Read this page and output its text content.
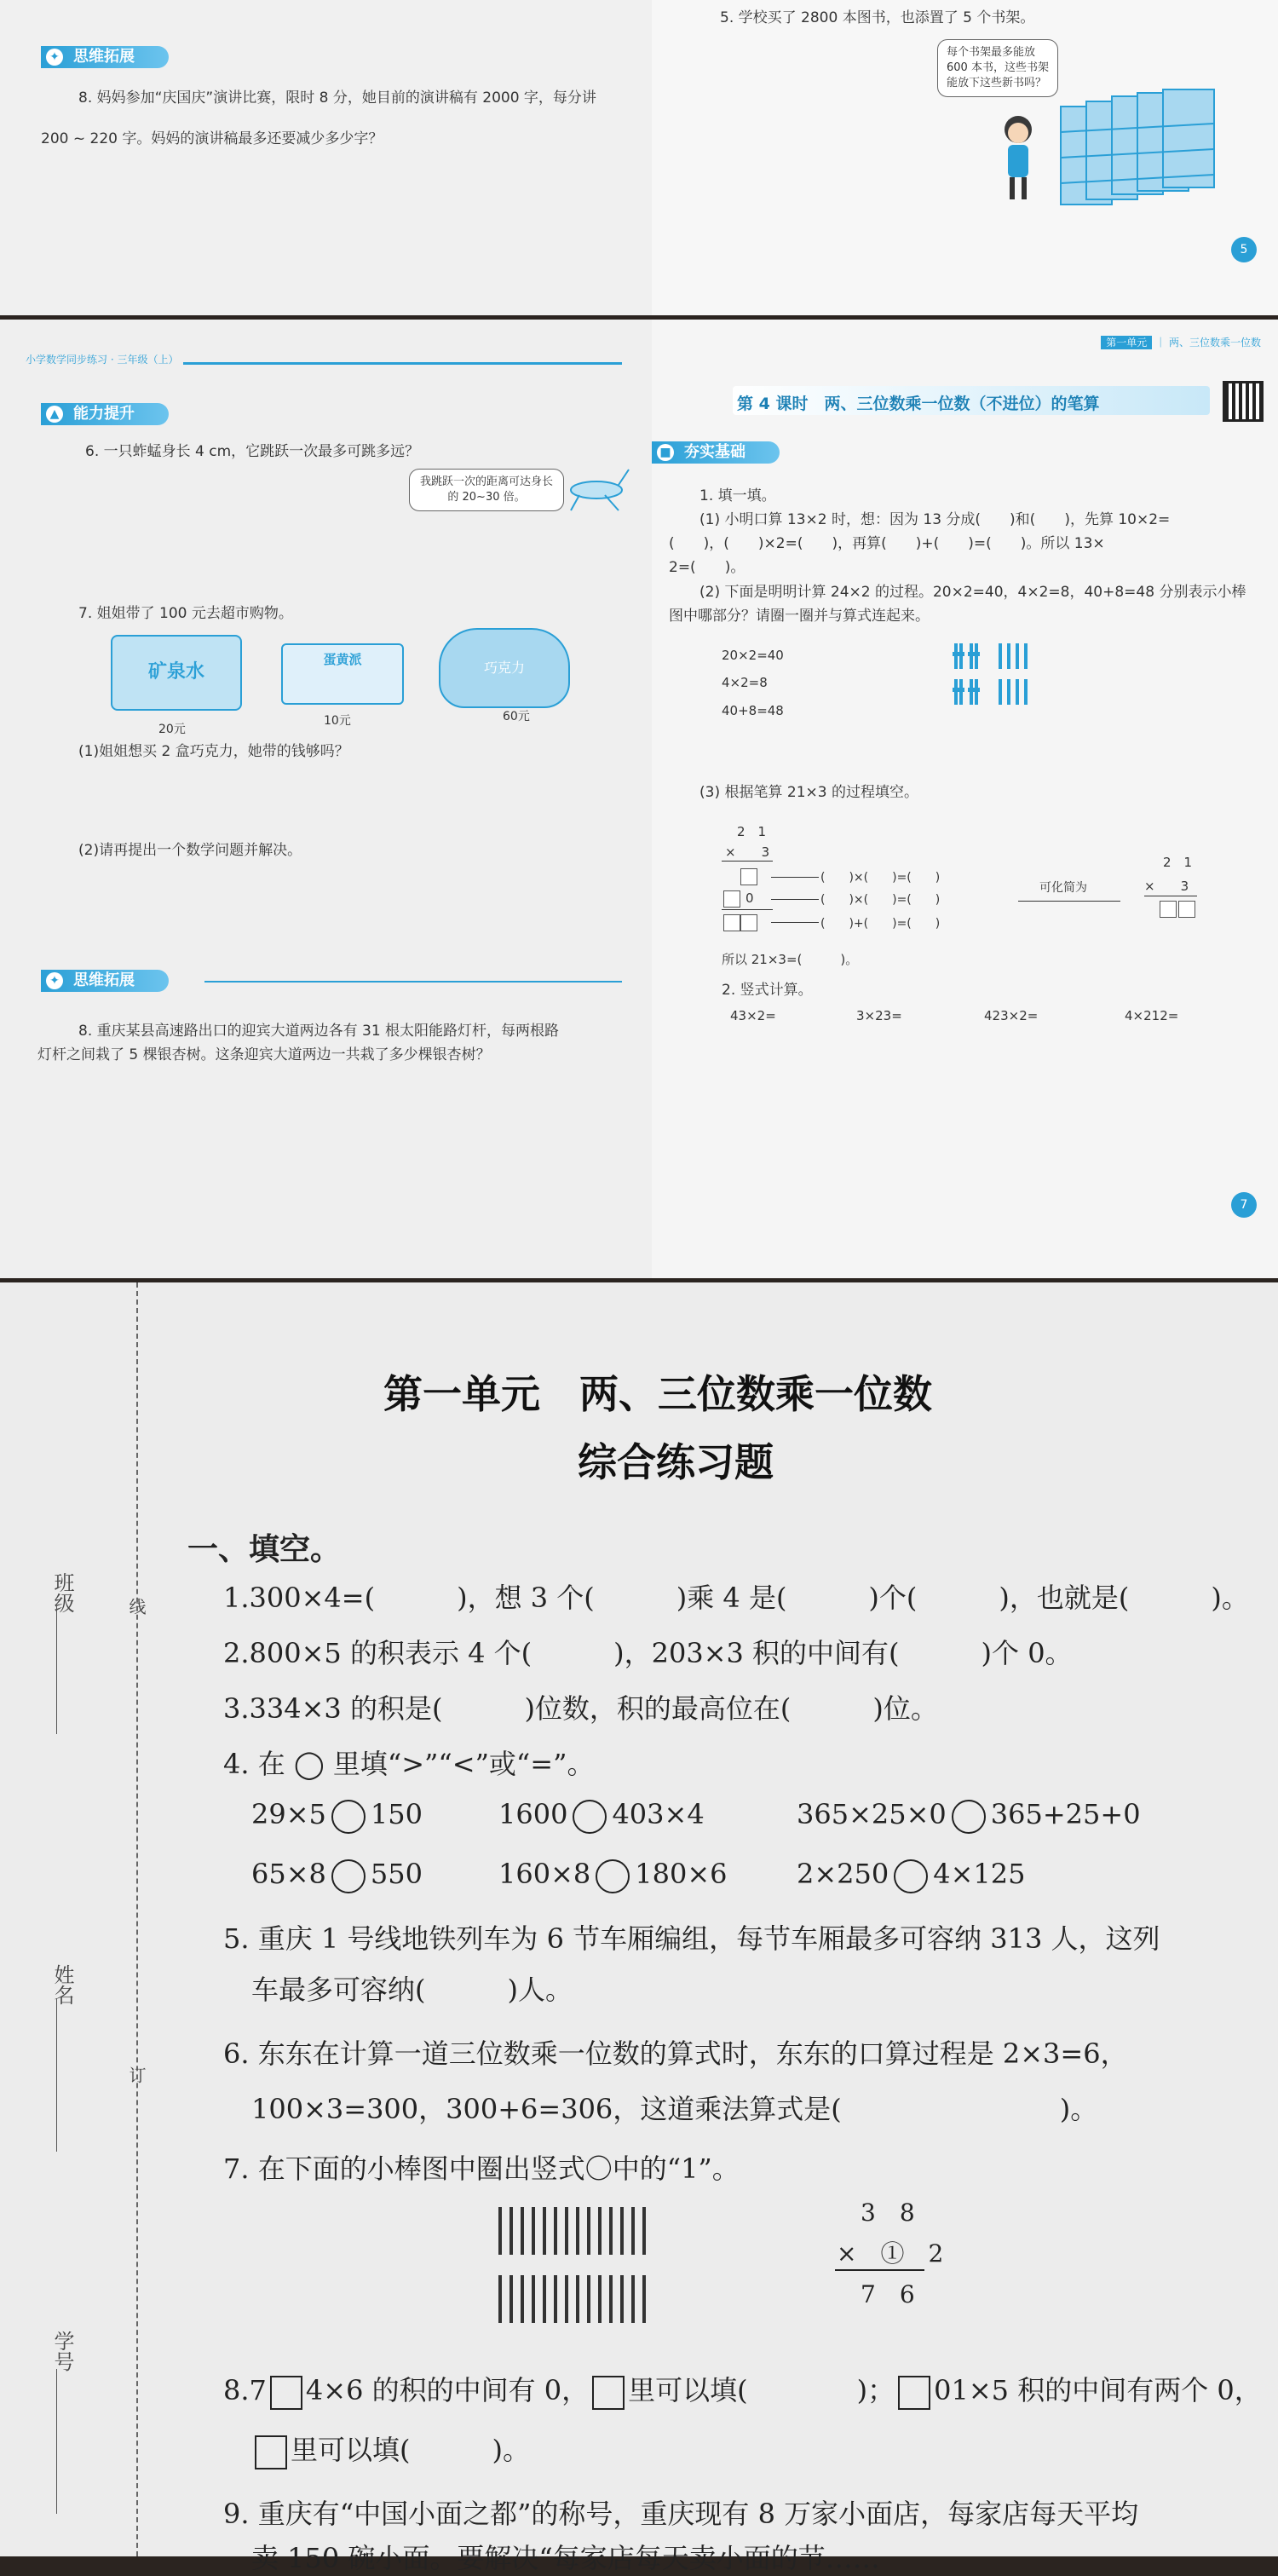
✦ 思维拓展
8. 妈妈参加“庆国庆”演讲比赛，限时 8 分，她目前的演讲稿有 2000 字，每分讲
200 ~ 220 字。妈妈的演讲稿最多还要减少多少字？
5. 学校买了 2800 本图书，也添置了 5 个书架。
每个书架最多能放 600 本书，这些书架能放下这些新书吗？
5
小学数学同步练习 · 三年级（上）
▲ 能力提升
6. 一只蚱蜢身长 4 cm，它跳跃一次最多可跳多远？
我跳跃一次的距离可达身长的 20~30 倍。
7. 姐姐带了 100 元去超市购物。
矿泉水
20元
蛋黄派
10元
巧克力
60元
(1)姐姐想买 2 盒巧克力，她带的钱够吗？
(2)请再提出一个数学问题并解决。
✦ 思维拓展
8. 重庆某县高速路出口的迎宾大道两边各有 31 根太阳能路灯杆，每两根路
灯杆之间栽了 5 棵银杏树。这条迎宾大道两边一共栽了多少棵银杏树？
第一单元 ｜ 两、三位数乘一位数
第 4 课时　两、三位数乘一位数（不进位）的笔算
■ 夯实基础
1. 填一填。
(1) 小明口算 13×2 时，想：因为 13 分成(　　)和(　　)，先算 10×2=
(　　)，(　　)×2=(　　)，再算(　　)+(　　)=(　　)。所以 13×
2=(　　)。
(2) 下面是明明计算 24×2 的过程。20×2=40，4×2=8，40+8=48 分别表示小棒
图中哪部分？请圈一圈并与算式连起来。
20×2=40
4×2=8
40+8=48
(3) 根据笔算 21×3 的过程填空。
2　1
×　　3
0
(　　)×(　　)=(　　)
(　　)×(　　)=(　　)
(　　)+(　　)=(　　)
可化简为
2　1
×　　3
所以 21×3=(　　　)。
2. 竖式计算。
43×2=	3×23=	423×2=	4×212=
7
班级	线
姓名
订
学号
第一单元　两、三位数乘一位数
综合练习题
一、填空。
1.300×4=(　　　)，想 3 个(　　　)乘 4 是(　　　)个(　　　)，也就是(　　　)。
2.800×5 的积表示 4 个(　　　)，203×3 积的中间有(　　　)个 0。
3.334×3 的积是(　　　)位数，积的最高位在(　　　)位。
4. 在 ◯ 里填“>”“<”或“=”。
29×5 150	1600 403×4	365×25×0 365+25+0
65×8 550	160×8 180×6	2×250 4×125
5. 重庆 1 号线地铁列车为 6 节车厢编组，每节车厢最多可容纳 313 人，这列
车最多可容纳(　　　)人。
6. 东东在计算一道三位数乘一位数的算式时，东东的口算过程是 2×3=6，
100×3=300，300+6=306，这道乘法算式是(　　　　　　　　)。
7. 在下面的小棒图中圈出竖式〇中的“1”。
3　8
×　①　2
7　6
8.7 4×6 的积的中间有 0， 里可以填(　　　　)； 01×5 积的中间有两个 0，
里可以填(　　　)。
9. 重庆有“中国小面之都”的称号，重庆现有 8 万家小面店，每家店每天平均
卖 150 碗小面。要解决“每家店每天卖小面的节……
